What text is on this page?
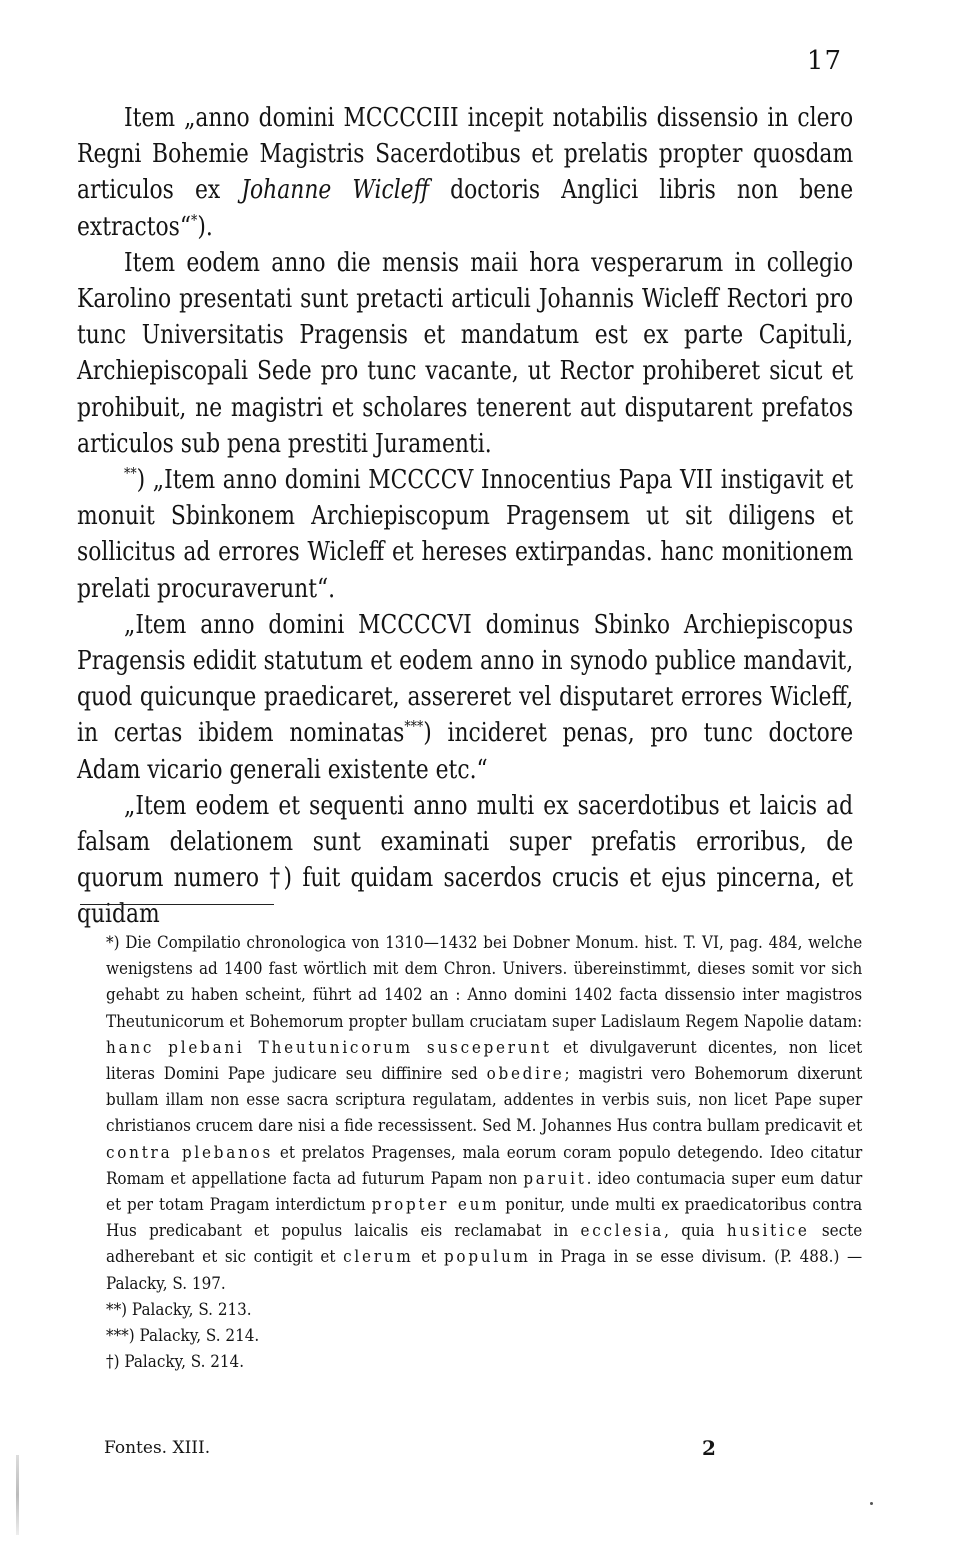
17

Item „anno domini MCCCCIII incepit notabilis dissensio in clero Regni Bohemie Magistris Sacerdotibus et prelatis propter quosdam articulos ex Johanne Wicleff doctoris Anglici libris non bene extractos“*).

Item eodem anno die mensis maii hora vesperarum in collegio Karolino presentati sunt pretacti articuli Johannis Wicleff Rectori pro tunc Universitatis Pragensis et mandatum est ex parte Capituli, Archiepiscopali Sede pro tunc vacante, ut Rector prohiberet sicut et prohibuit, ne magistri et scholares tenerent aut disputarent prefatos articulos sub pena prestiti Juramenti.

**) „Item anno domini MCCCCV Innocentius Papa VII instigavit et monuit Sbinkonem Archiepiscopum Pragensem ut sit diligens et sollicitus ad errores Wicleff et hereses extirpandas. hanc monitionem prelati procuraverunt“.

„Item anno domini MCCCCVI dominus Sbinko Archiepiscopus Pragensis edidit statutum et eodem anno in synodo publice mandavit, quod quicunque praedicaret, assereret vel disputaret errores Wicleff, in certas ibidem nominatas***) incideret penas, pro tunc doctore Adam vicario generali existente etc.“

„Item eodem et sequenti anno multi ex sacerdotibus et laicis ad falsam delationem sunt examinati super prefatis erroribus, de quorum numero †) fuit quidam sacerdos crucis et ejus pincerna, et quidam

*) Die Compilatio chronologica von 1310—1432 bei Dobner Monum. hist. T. VI, pag. 484, welche wenigstens ad 1400 fast wörtlich mit dem Chron. Univers. übereinstimmt, dieses somit vor sich gehabt zu haben scheint, führt ad 1402 an : Anno domini 1402 facta dissensio inter magistros Theutunicorum et Bohemorum propter bullam cruciatam super Ladislaum Regem Napolie datam: hanc plebani Theutunicorum susceperunt et divulgaverunt dicentes, non licet literas Domini Pape judicare seu diffinire sed obedire; magistri vero Bohemorum dixerunt bullam illam non esse sacra scriptura regulatam, addentes in verbis suis, non licet Pape super christianos crucem dare nisi a fide recessissent. Sed M. Johannes Hus contra bullam predicavit et contra plebanos et prelatos Pragenses, mala eorum coram populo detegendo. Ideo citatur Romam et appellatione facta ad futurum Papam non paruit. ideo contumacia super eum datur et per totam Pragam interdictum propter eum ponitur, unde multi ex praedicatoribus contra Hus predicabant et populus laicalis eis reclamabat in ecclesia, quia husitice secte adherebant et sic contigit et clerum et populum in Praga in se esse divisum. (P. 488.) — Palacky, S. 197.

**) Palacky, S. 213.

***) Palacky, S. 214.

†) Palacky, S. 214.

Fontes. XIII.	2
